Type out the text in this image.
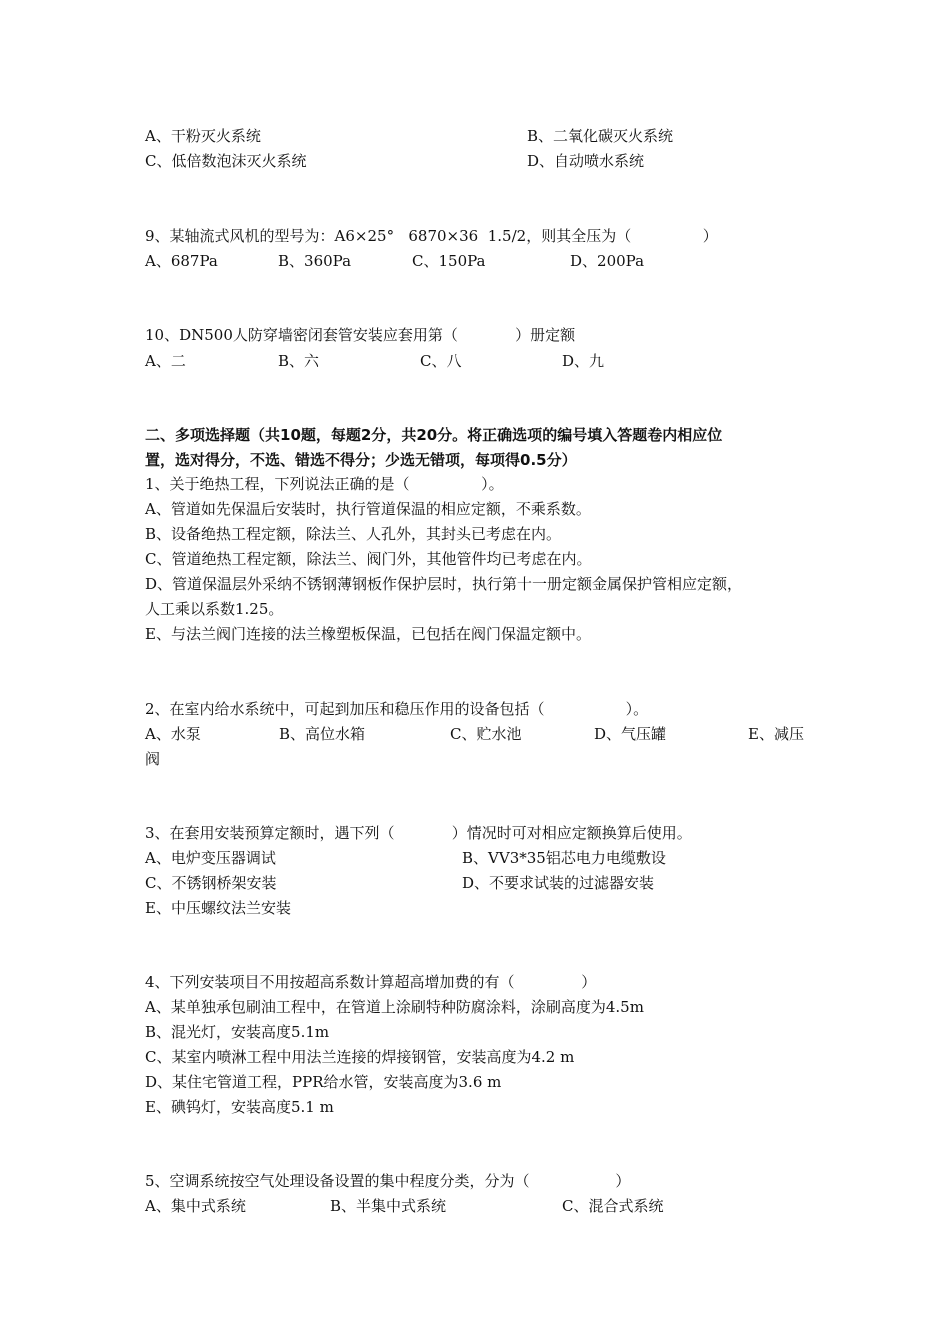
A、干粉灭火系统	B、二氧化碳灭火系统
C、低倍数泡沫灭火系统	D、自动喷水系统
9、某轴流式风机的型号为：A6×25°   6870×36  1.5/2，则其全压为（               ）
A、687Pa	B、360Pa	C、150Pa	D、200Pa
10、DN500人防穿墙密闭套管安装应套用第（            ）册定额
A、二	B、六	C、八	D、九
二、多项选择题（共10题，每题2分，共20分。将正确选项的编号填入答题卷内相应位
置，选对得分，不选、错选不得分；少选无错项，每项得0.5分）
1、关于绝热工程，下列说法正确的是（               ）。
A、管道如先保温后安装时，执行管道保温的相应定额，不乘系数。
B、设备绝热工程定额，除法兰、人孔外，其封头已考虑在内。
C、管道绝热工程定额，除法兰、阀门外，其他管件均已考虑在内。
D、管道保温层外采纳不锈钢薄钢板作保护层时，执行第十一册定额金属保护管相应定额，
人工乘以系数1.25。
E、与法兰阀门连接的法兰橡塑板保温，已包括在阀门保温定额中。
2、在室内给水系统中，可起到加压和稳压作用的设备包括（                 ）。
A、水泵	B、高位水箱	C、贮水池	D、气压罐	E、减压
阀
3、在套用安装预算定额时，遇下列（            ）情况时可对相应定额换算后使用。
A、电炉变压器调试	B、VV3*35铝芯电力电缆敷设
C、不锈钢桥架安装	D、不要求试装的过滤器安装
E、中压螺纹法兰安装
4、下列安装项目不用按超高系数计算超高增加费的有（              ）
A、某单独承包刷油工程中，在管道上涂刷特种防腐涂料，涂刷高度为4.5m
B、混光灯，安装高度5.1m
C、某室内喷淋工程中用法兰连接的焊接钢管，安装高度为4.2 m
D、某住宅管道工程，PPR给水管，安装高度为3.6 m
E、碘钨灯，安装高度5.1 m
5、空调系统按空气处理设备设置的集中程度分类，分为（                  ）
A、集中式系统	B、半集中式系统	C、混合式系统
